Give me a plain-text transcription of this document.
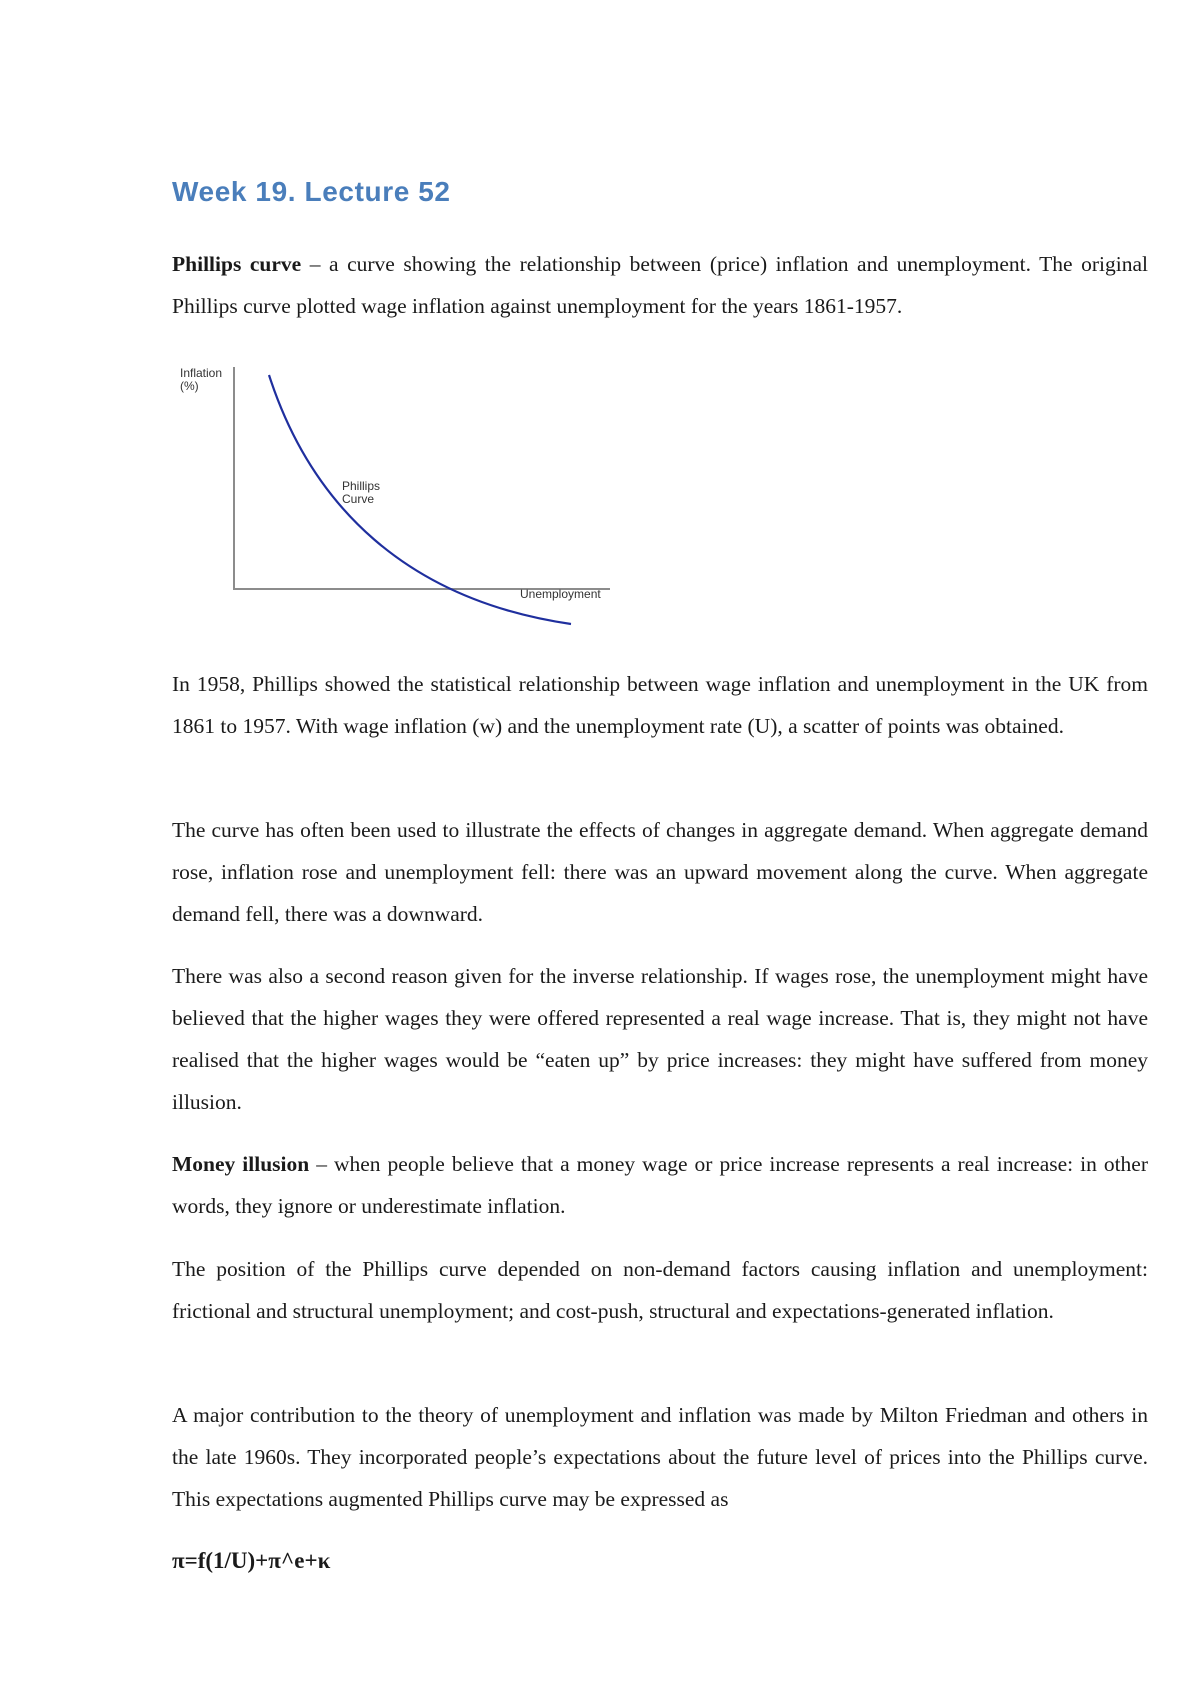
Week 19. Lecture 52

Phillips curve – a curve showing the relationship between (price) inflation and unemployment. The original Phillips curve plotted wage inflation against unemployment for the years 1861-1957.

Inflation
(%)
Phillips
Curve
Unemployment

In 1958, Phillips showed the statistical relationship between wage inflation and unemployment in the UK from 1861 to 1957. With wage inflation (w) and the unemployment rate (U), a scatter of points was obtained.

The curve has often been used to illustrate the effects of changes in aggregate demand. When aggregate demand rose, inflation rose and unemployment fell: there was an upward movement along the curve. When aggregate demand fell, there was a downward.

There was also a second reason given for the inverse relationship. If wages rose, the unemployment might have believed that the higher wages they were offered represented a real wage increase. That is, they might not have realised that the higher wages would be “eaten up” by price increases: they might have suffered from money illusion.

Money illusion – when people believe that a money wage or price increase represents a real increase: in other words, they ignore or underestimate inflation.

The position of the Phillips curve depended on non-demand factors causing inflation and unemployment: frictional and structural unemployment; and cost-push, structural and expectations-generated inflation.

A major contribution to the theory of unemployment and inflation was made by Milton Friedman and others in the late 1960s. They incorporated people’s expectations about the future level of prices into the Phillips curve. This expectations augmented Phillips curve may be expressed as

π=f(1/U)+π^e+κ
